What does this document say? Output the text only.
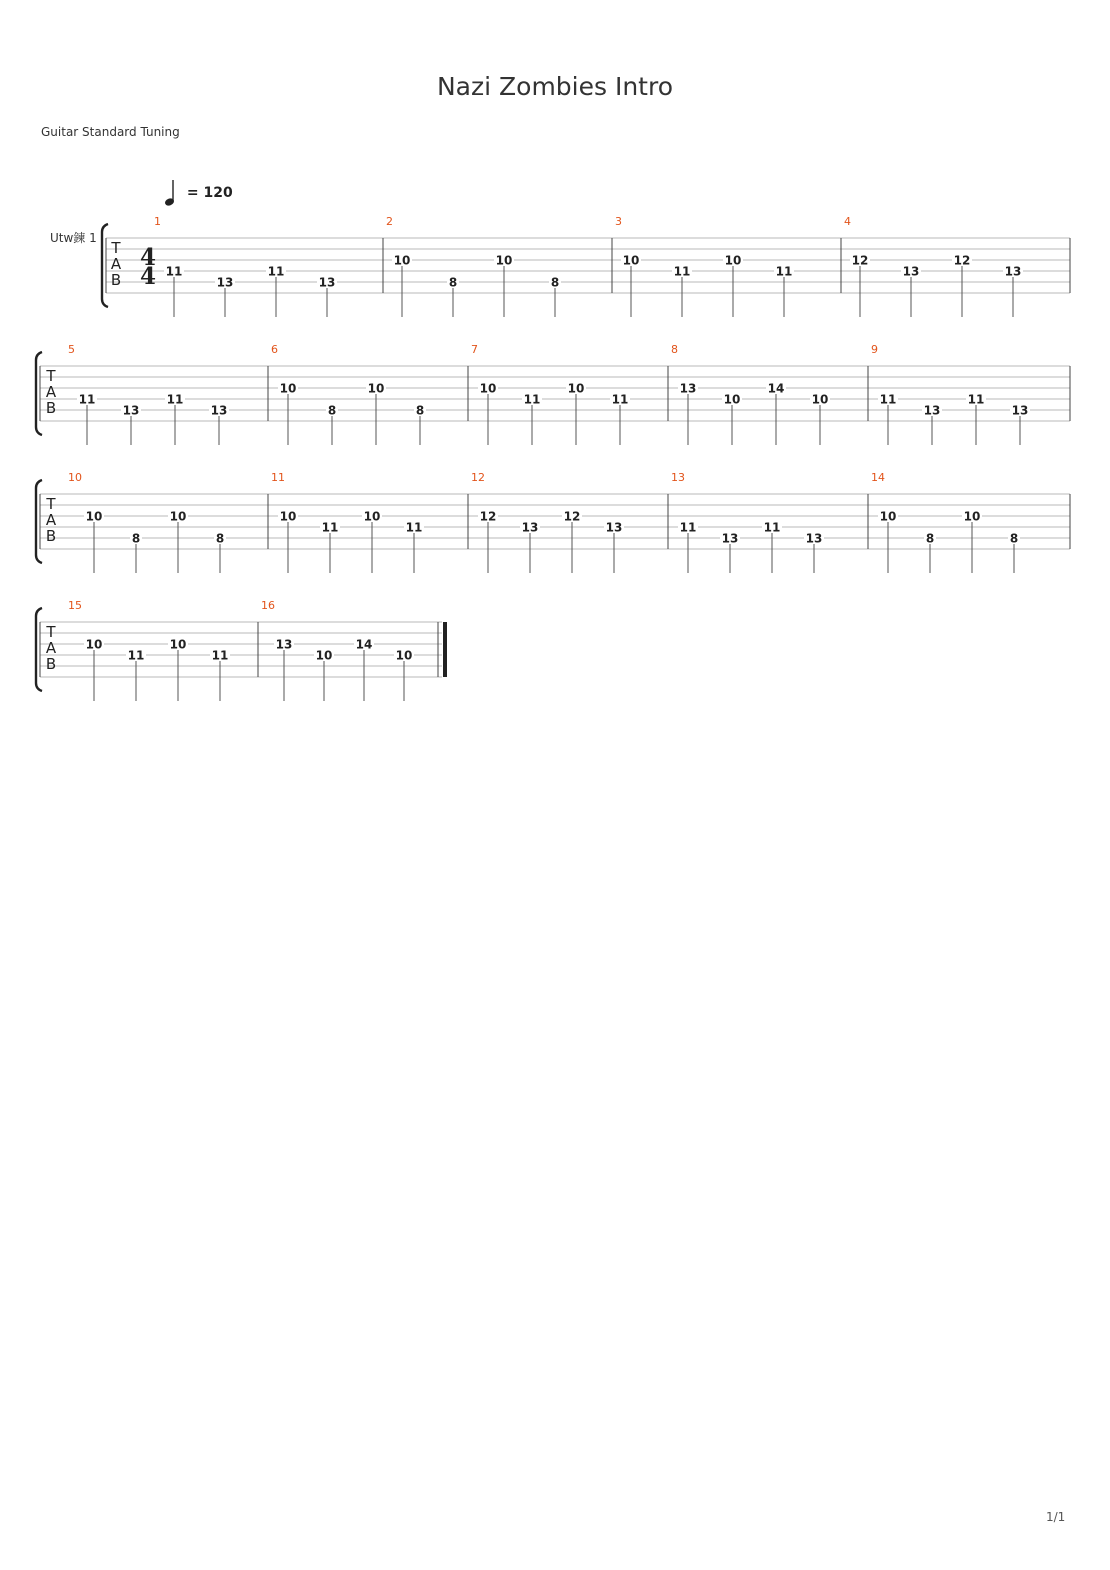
Nazi Zombies Intro
Guitar Standard Tuning
= 120
Utw鍊 1
T
A
B
4
4
1
11
13
11
13
2
10
8
10
8
3
10
11
10
11
4
12
13
12
13
T
A
B
5
11
13
11
13
6
10
8
10
8
7
10
11
10
11
8
13
10
14
10
9
11
13
11
13
T
A
B
10
10
8
10
8
11
10
11
10
11
12
12
13
12
13
13
11
13
11
13
14
10
8
10
8
T
A
B
15
10
11
10
11
16
13
10
14
10
1/1
